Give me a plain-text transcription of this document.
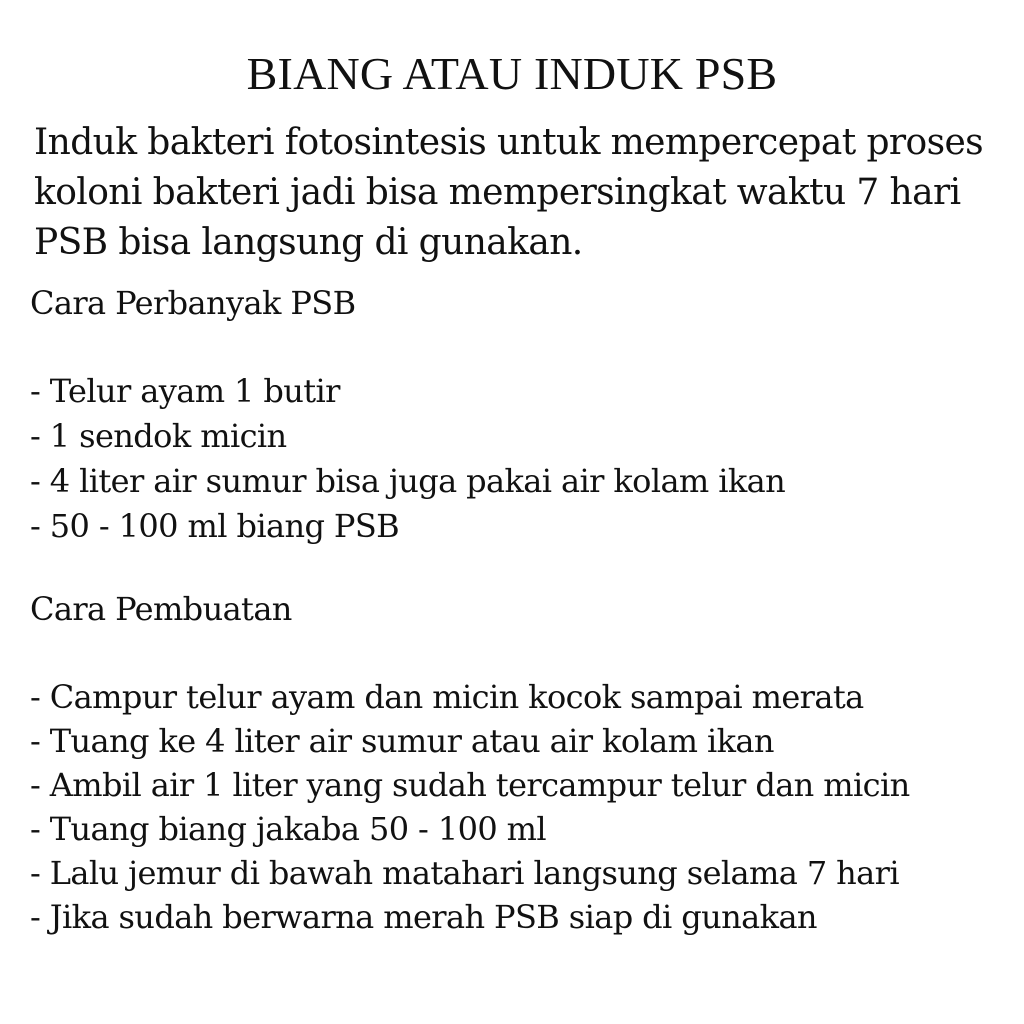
BIANG ATAU INDUK PSB

Induk bakteri fotosintesis untuk mempercepat proses
koloni bakteri jadi bisa mempersingkat waktu 7 hari
PSB bisa langsung di gunakan.

Cara Perbanyak PSB
- Telur ayam 1 butir
- 1 sendok micin
- 4 liter air sumur bisa juga pakai air kolam ikan
- 50 - 100 ml biang PSB
Cara Pembuatan
- Campur telur ayam dan micin kocok sampai merata
- Tuang ke 4 liter air sumur atau air kolam ikan
- Ambil air 1 liter yang sudah tercampur telur dan micin
- Tuang biang jakaba 50 - 100 ml
- Lalu jemur di bawah matahari langsung selama 7 hari
- Jika sudah berwarna merah PSB siap di gunakan
